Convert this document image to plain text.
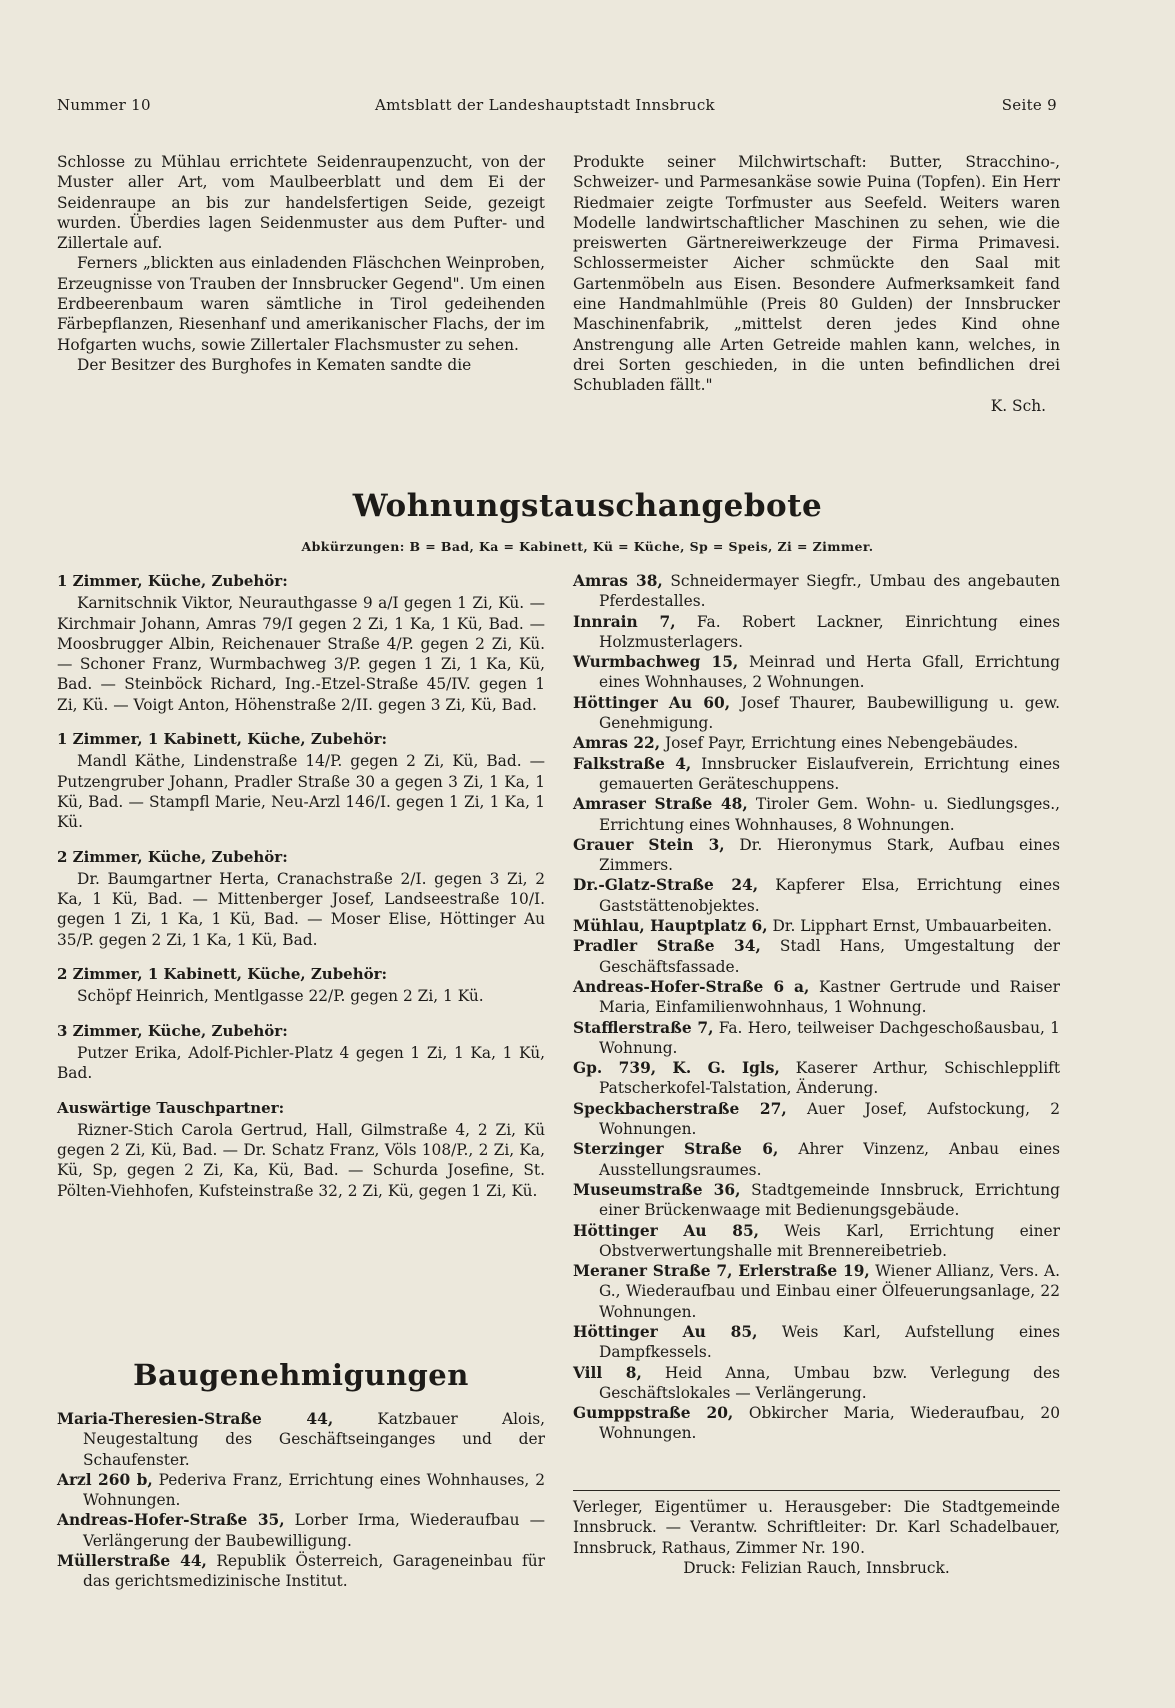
Nummer 10	Amtsblatt der Landeshauptstadt Innsbruck	Seite 9

Schlosse zu Mühlau errichtete Seidenraupenzucht, von der Muster aller Art, vom Maulbeerblatt und dem Ei der Seidenraupe an bis zur handelsfertigen Seide, gezeigt wurden. Überdies lagen Seidenmuster aus dem Pufter- und Zillertale auf.

Ferners „blickten aus einladenden Fläschchen Weinproben, Erzeugnisse von Trauben der Innsbrucker Gegend". Um einen Erdbeerenbaum waren sämtliche in Tirol gedeihenden Färbepflanzen, Riesenhanf und amerikanischer Flachs, der im Hofgarten wuchs, sowie Zillertaler Flachsmuster zu sehen.

Der Besitzer des Burghofes in Kematen sandte die

Produkte seiner Milchwirtschaft: Butter, Stracchino-, Schweizer- und Parmesankäse sowie Puina (Topfen). Ein Herr Riedmaier zeigte Torfmuster aus Seefeld. Weiters waren Modelle landwirtschaftlicher Maschinen zu sehen, wie die preiswerten Gärtnereiwerkzeuge der Firma Primavesi. Schlossermeister Aicher schmückte den Saal mit Gartenmöbeln aus Eisen. Besondere Aufmerksamkeit fand eine Handmahlmühle (Preis 80 Gulden) der Innsbrucker Maschinenfabrik, „mittelst deren jedes Kind ohne Anstrengung alle Arten Getreide mahlen kann, welches, in drei Sorten geschieden, in die unten befindlichen drei Schubladen fällt."

K. Sch.

Wohnungstauschangebote
Abkürzungen: B = Bad, Ka = Kabinett, Kü = Küche, Sp = Speis, Zi = Zimmer.
1 Zimmer, Küche, Zubehör:

Karnitschnik Viktor, Neurauthgasse 9 a/I gegen 1 Zi, Kü. — Kirchmair Johann, Amras 79/I gegen 2 Zi, 1 Ka, 1 Kü, Bad. — Moosbrugger Albin, Reichenauer Straße 4/P. gegen 2 Zi, Kü. — Schoner Franz, Wurmbachweg 3/P. gegen 1 Zi, 1 Ka, Kü, Bad. — Steinböck Richard, Ing.-Etzel-Straße 45/IV. gegen 1 Zi, Kü. — Voigt Anton, Höhenstraße 2/II. gegen 3 Zi, Kü, Bad.

1 Zimmer, 1 Kabinett, Küche, Zubehör:

Mandl Käthe, Lindenstraße 14/P. gegen 2 Zi, Kü, Bad. — Putzengruber Johann, Pradler Straße 30 a gegen 3 Zi, 1 Ka, 1 Kü, Bad. — Stampfl Marie, Neu-Arzl 146/I. gegen 1 Zi, 1 Ka, 1 Kü.

2 Zimmer, Küche, Zubehör:

Dr. Baumgartner Herta, Cranachstraße 2/I. gegen 3 Zi, 2 Ka, 1 Kü, Bad. — Mittenberger Josef, Landseestraße 10/I. gegen 1 Zi, 1 Ka, 1 Kü, Bad. — Moser Elise, Höttinger Au 35/P. gegen 2 Zi, 1 Ka, 1 Kü, Bad.

2 Zimmer, 1 Kabinett, Küche, Zubehör:

Schöpf Heinrich, Mentlgasse 22/P. gegen 2 Zi, 1 Kü.

3 Zimmer, Küche, Zubehör:

Putzer Erika, Adolf-Pichler-Platz 4 gegen 1 Zi, 1 Ka, 1 Kü, Bad.

Auswärtige Tauschpartner:

Rizner-Stich Carola Gertrud, Hall, Gilmstraße 4, 2 Zi, Kü gegen 2 Zi, Kü, Bad. — Dr. Schatz Franz, Völs 108/P., 2 Zi, Ka, Kü, Sp, gegen 2 Zi, Ka, Kü, Bad. — Schurda Josefine, St. Pölten-Viehhofen, Kufsteinstraße 32, 2 Zi, Kü, gegen 1 Zi, Kü.

Baugenehmigungen

Maria-Theresien-Straße 44, Katzbauer Alois, Neugestaltung des Geschäftseinganges und der Schaufenster.

Arzl 260 b, Pederiva Franz, Errichtung eines Wohnhauses, 2 Wohnungen.

Andreas-Hofer-Straße 35, Lorber Irma, Wiederaufbau — Verlängerung der Baubewilligung.

Müllerstraße 44, Republik Österreich, Garageneinbau für das gerichtsmedizinische Institut.

Amras 38, Schneidermayer Siegfr., Umbau des angebauten Pferdestalles.

Innrain 7, Fa. Robert Lackner, Einrichtung eines Holzmusterlagers.

Wurmbachweg 15, Meinrad und Herta Gfall, Errichtung eines Wohnhauses, 2 Wohnungen.

Höttinger Au 60, Josef Thaurer, Baubewilligung u. gew. Genehmigung.

Amras 22, Josef Payr, Errichtung eines Nebengebäudes.

Falkstraße 4, Innsbrucker Eislaufverein, Errichtung eines gemauerten Geräteschuppens.

Amraser Straße 48, Tiroler Gem. Wohn- u. Siedlungsges., Errichtung eines Wohnhauses, 8 Wohnungen.

Grauer Stein 3, Dr. Hieronymus Stark, Aufbau eines Zimmers.

Dr.-Glatz-Straße 24, Kapferer Elsa, Errichtung eines Gaststättenobjektes.

Mühlau, Hauptplatz 6, Dr. Lipphart Ernst, Umbauarbeiten.

Pradler Straße 34, Stadl Hans, Umgestaltung der Geschäftsfassade.

Andreas-Hofer-Straße 6 a, Kastner Gertrude und Raiser Maria, Einfamilienwohnhaus, 1 Wohnung.

Stafflerstraße 7, Fa. Hero, teilweiser Dachgeschoßausbau, 1 Wohnung.

Gp. 739, K. G. Igls, Kaserer Arthur, Schischlepplift Patscherkofel-Talstation, Änderung.

Speckbacherstraße 27, Auer Josef, Aufstockung, 2 Wohnungen.

Sterzinger Straße 6, Ahrer Vinzenz, Anbau eines Ausstellungsraumes.

Museumstraße 36, Stadtgemeinde Innsbruck, Errichtung einer Brückenwaage mit Bedienungsgebäude.

Höttinger Au 85, Weis Karl, Errichtung einer Obstverwertungshalle mit Brennereibetrieb.

Meraner Straße 7, Erlerstraße 19, Wiener Allianz, Vers. A. G., Wiederaufbau und Einbau einer Ölfeuerungsanlage, 22 Wohnungen.

Höttinger Au 85, Weis Karl, Aufstellung eines Dampfkessels.

Vill 8, Heid Anna, Umbau bzw. Verlegung des Geschäftslokales — Verlängerung.

Gumppstraße 20, Obkircher Maria, Wiederaufbau, 20 Wohnungen.

Verleger, Eigentümer u. Herausgeber: Die Stadtgemeinde Innsbruck. — Verantw. Schriftleiter: Dr. Karl Schadelbauer, Innsbruck, Rathaus, Zimmer Nr. 190.

Druck: Felizian Rauch, Innsbruck.
